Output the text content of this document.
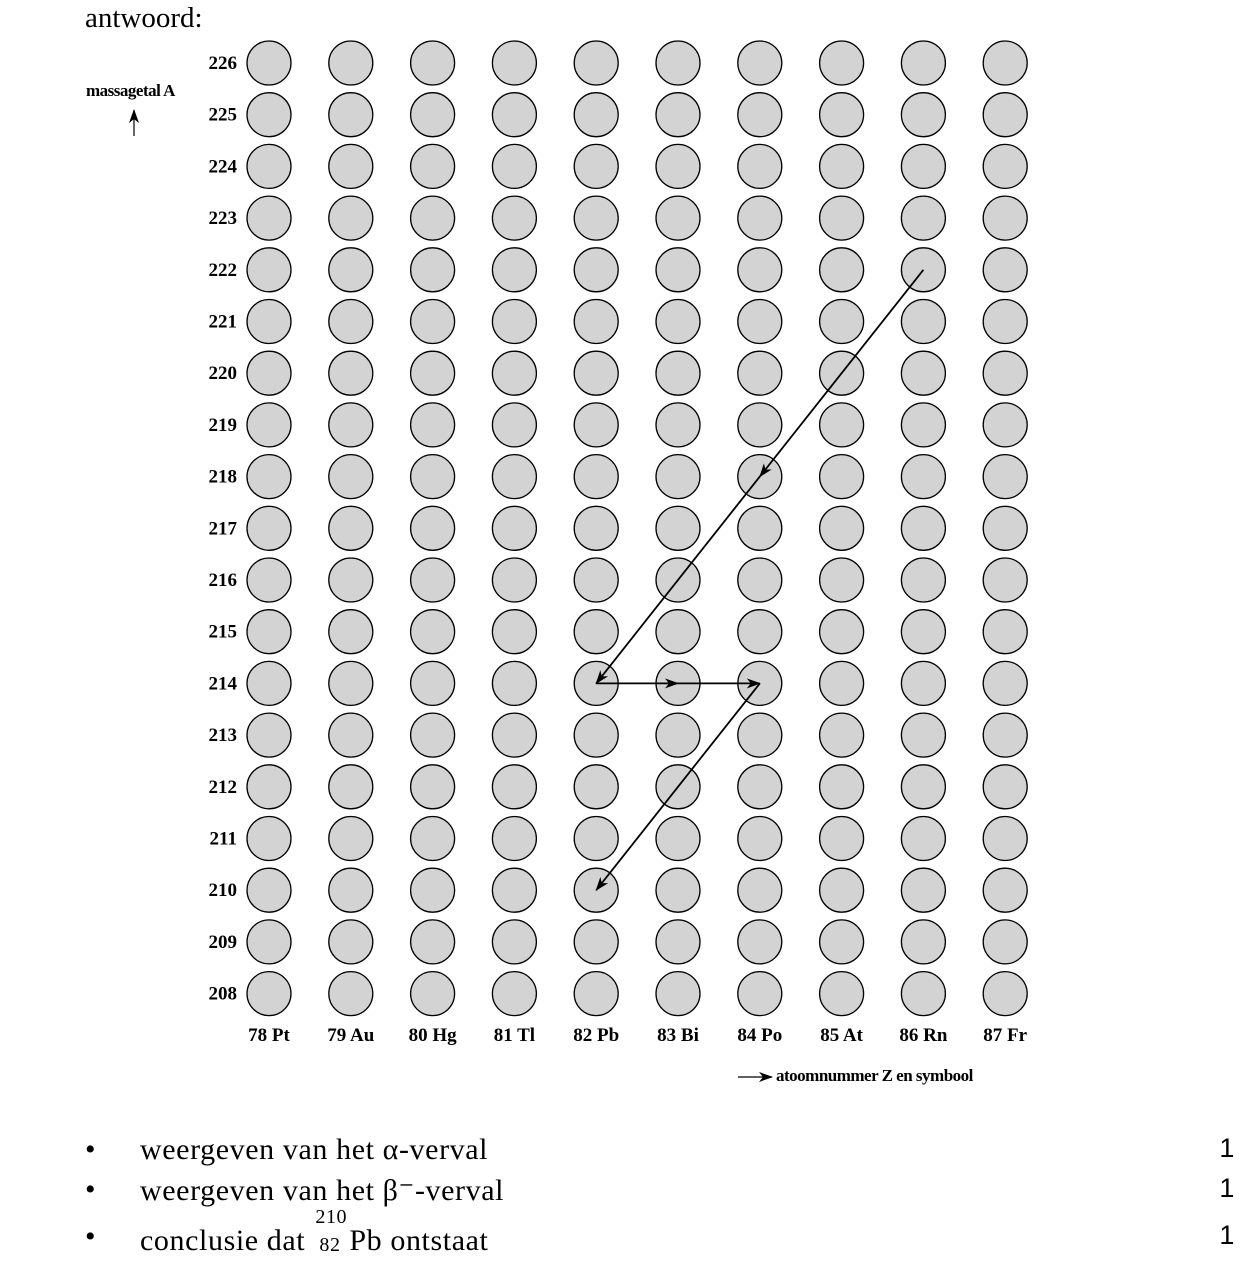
antwoord:
226
225
224
223
222
221
220
219
218
217
216
215
214
213
212
211
210
209
208
78 Pt 79 Au 80 Hg 81 Tl 82 Pb 83 Bi 84 Po 85 At 86 Rn 87 Fr
massagetal A
atoomnummer Z en symbool
• weergeven van het α-verval	1
• weergeven van het β⁻-verval	1
• conclusie dat
210
82 Pb ontstaat	1
